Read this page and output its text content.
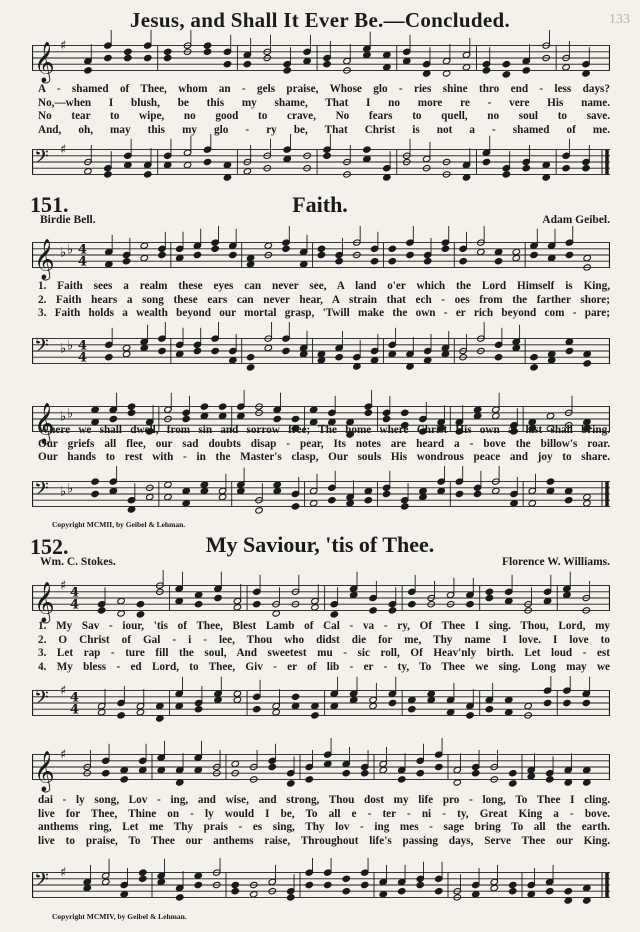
Jesus, and Shall It Ever Be.—Concluded.	133
𝄞 ♯
A - shamed of Thee, whom an - gels praise, Whose glo - ries shine thro end - less days?
No,—when I blush, be this my shame, That I no more re - vere His name.
No tear to wipe, no good to crave, No fears to quell, no soul to save.
And, oh, may this my glo - ry be, That Christ is not a - shamed of me.
𝄢 ♯
151.	Faith.
Birdie Bell.	Adam Geibel.
𝄞 ♭ ♭ 4
4
1. Faith sees a realm these eyes can never see, A land o'er which the Lord Himself is King,
2. Faith hears a song these ears can never hear, A strain that ech - oes from the farther shore;
3. Faith holds a wealth beyond our mortal grasp, 'Twill make the own - er rich beyond com - pare;
𝄢 ♭ ♭ 4
4
𝄞 ♭ ♭
Where we shall dwell, from sin and sorrow free; The home where Christ His own at last shall bring.
Our griefs all flee, our sad doubts disap - pear, Its notes are heard a - bove the billow's roar.
Our hands to rest with - in the Master's clasp, Our souls His wondrous peace and joy to share.
𝄢 ♭ ♭
Copyright MCMII, by Geibel & Lehman.
152.	My Saviour, 'tis of Thee.
Wm. C. Stokes.	Florence W. Williams.
𝄞 ♯ 4
4
1. My Sav - iour, 'tis of Thee, Blest Lamb of Cal - va - ry, Of Thee I sing. Thou, Lord, my
2. O Christ of Gal - i - lee, Thou who didst die for me, Thy name I love. I love to
3. Let rap - ture fill the soul, And sweetest mu - sic roll, Of Heav'nly birth. Let loud - est
4. My bless - ed Lord, to Thee, Giv - er of lib - er - ty, To Thee we sing. Long may we
𝄢 ♯ 4
4
𝄞 ♯
dai - ly song, Lov - ing, and wise, and strong, Thou dost my life pro - long, To Thee I cling.
live for Thee, Thine on - ly would I be, To all e - ter - ni - ty, Great King a - bove.
anthems ring, Let me Thy prais - es sing, Thy lov - ing mes - sage bring To all the earth.
live to praise, To Thee our anthems raise, Throughout life's passing days, Serve Thee our King.
𝄢 ♯
Copyright MCMIV, by Geibel & Lehman.
